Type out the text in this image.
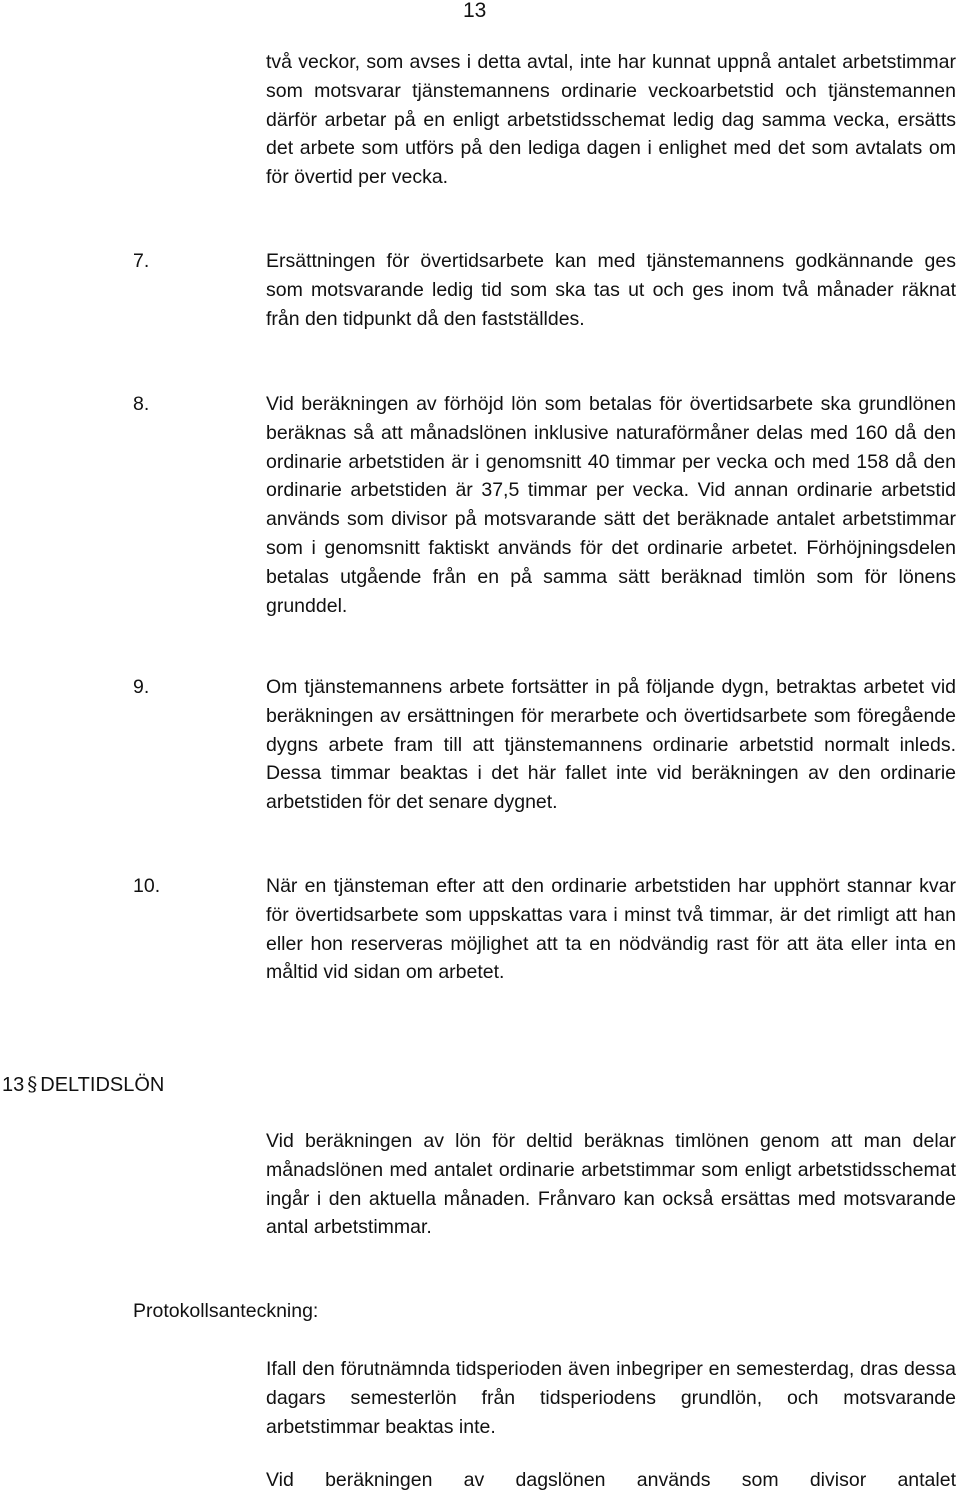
13

två veckor, som avses i detta avtal, inte har kunnat uppnå antalet arbetstimmar som motsvarar tjänstemannens ordinarie veckoarbetstid och tjänstemannen därför arbetar på en enligt arbetstidsschemat ledig dag samma vecka, ersätts det arbete som utförs på den lediga dagen i enlighet med det som avtalats om för övertid per vecka.

7.	Ersättningen för övertidsarbete kan med tjänstemannens godkännande ges som motsvarande ledig tid som ska tas ut och ges inom två månader räknat från den tidpunkt då den fastställdes.

8.	Vid beräkningen av förhöjd lön som betalas för övertidsarbete ska grundlönen beräknas så att månadslönen inklusive naturaförmåner delas med 160 då den ordinarie arbetstiden är i genomsnitt 40 timmar per vecka och med 158 då den ordinarie arbetstiden är 37,5 timmar per vecka. Vid annan ordinarie arbetstid används som divisor på motsvarande sätt det beräknade antalet arbetstimmar som i genomsnitt faktiskt används för det ordinarie arbetet. Förhöjningsdelen betalas utgående från en på samma sätt beräknad timlön som för lönens grunddel.

9.	Om tjänstemannens arbete fortsätter in på följande dygn, betraktas arbetet vid beräkningen av ersättningen för merarbete och övertidsarbete som föregående dygns arbete fram till att tjänstemannens ordinarie arbetstid normalt inleds. Dessa timmar beaktas i det här fallet inte vid beräkningen av den ordinarie arbetstiden för det senare dygnet.

10.	När en tjänsteman efter att den ordinarie arbetstiden har upphört stannar kvar för övertidsarbete som uppskattas vara i minst två timmar, är det rimligt att han eller hon reserveras möjlighet att ta en nödvändig rast för att äta eller inta en måltid vid sidan om arbetet.

13 § DELTIDSLÖN

Vid beräkningen av lön för deltid beräknas timlönen genom att man delar månadslönen med antalet ordinarie arbetstimmar som enligt arbetstidsschemat ingår i den aktuella månaden. Frånvaro kan också ersättas med motsvarande antal arbetstimmar.

Protokollsanteckning:

Ifall den förutnämnda tidsperioden även inbegriper en semesterdag, dras dessa dagars semesterlön från tidsperiodens grundlön, och motsvarande arbetstimmar beaktas inte.

Vid beräkningen av dagslönen används som divisor antalet
